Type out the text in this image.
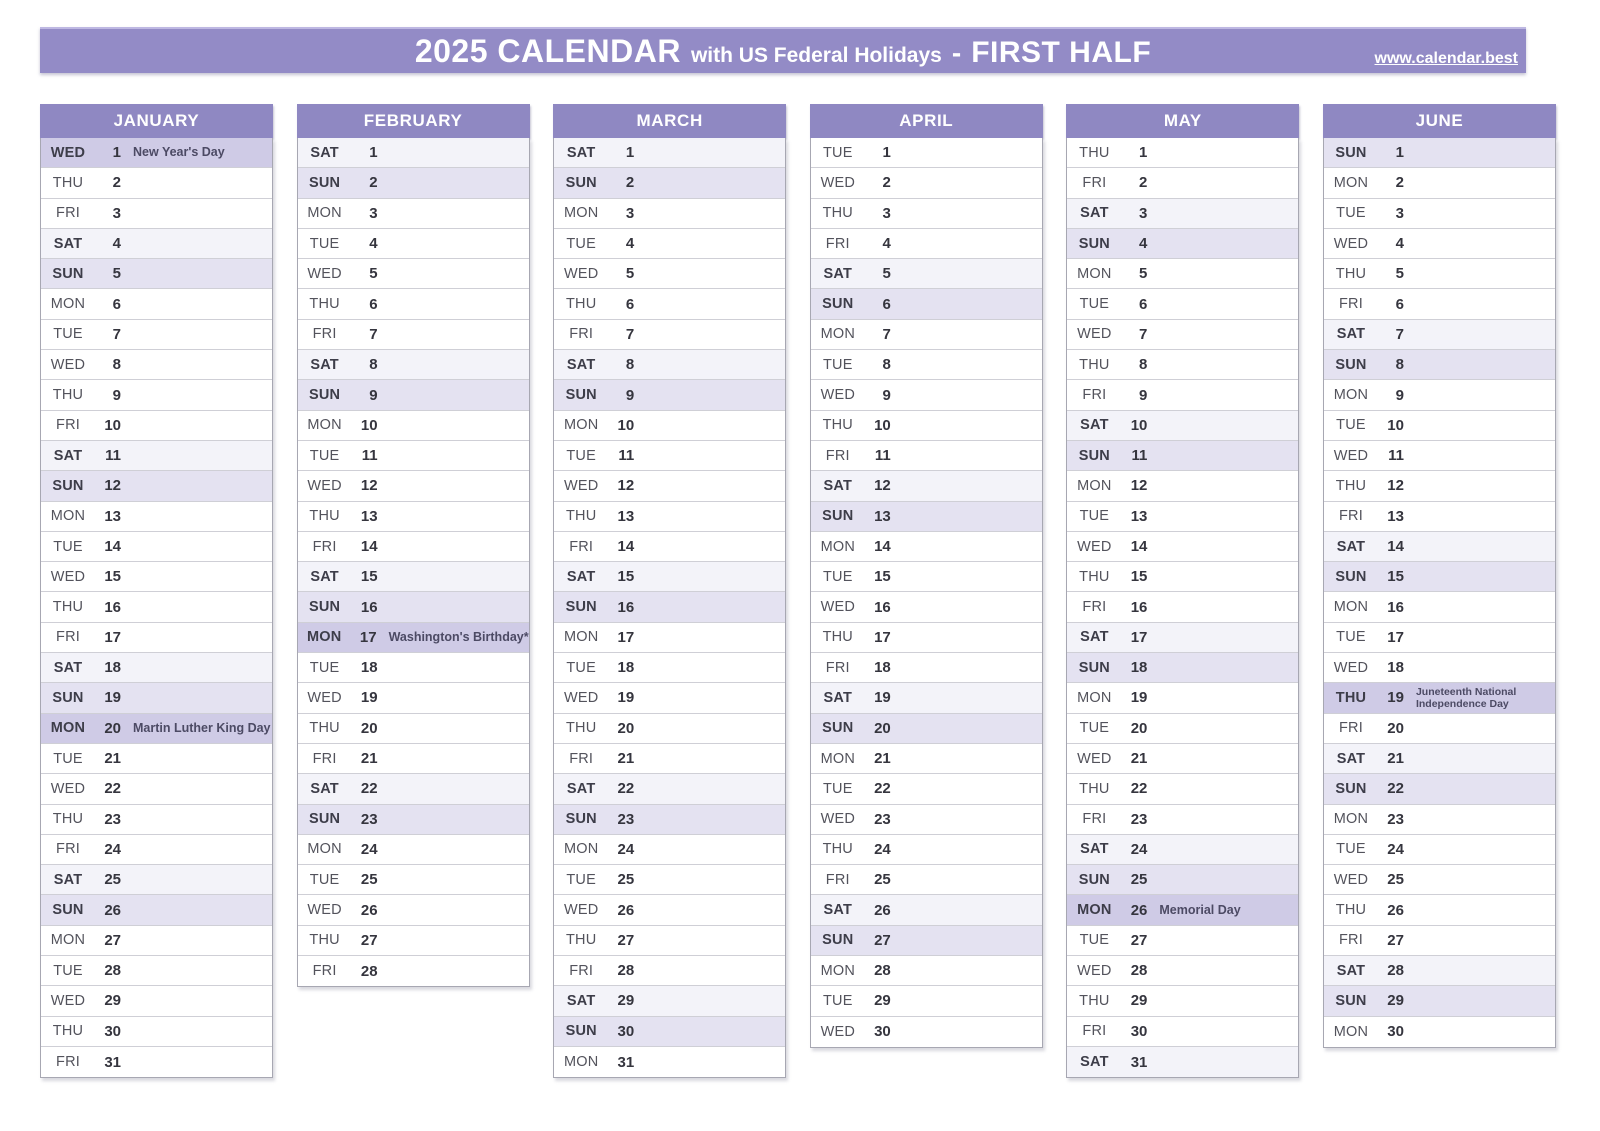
2025 CALENDAR with US Federal Holidays - FIRST HALF	www.calendar.best
JANUARY
WED	1 New Year's Day
THU	2
FRI	3
SAT	4
SUN	5
MON	6
TUE	7
WED	8
THU	9
FRI	10
SAT	11
SUN	12
MON	13
TUE	14
WED	15
THU	16
FRI	17
SAT	18
SUN	19
MON	20 Martin Luther King Day
TUE	21
WED	22
THU	23
FRI	24
SAT	25
SUN	26
MON	27
TUE	28
WED	29
THU	30
FRI	31
FEBRUARY
SAT	1
SUN	2
MON	3
TUE	4
WED	5
THU	6
FRI	7
SAT	8
SUN	9
MON	10
TUE	11
WED	12
THU	13
FRI	14
SAT	15
SUN	16
MON	17 Washington's Birthday*
TUE	18
WED	19
THU	20
FRI	21
SAT	22
SUN	23
MON	24
TUE	25
WED	26
THU	27
FRI	28
MARCH
SAT	1
SUN	2
MON	3
TUE	4
WED	5
THU	6
FRI	7
SAT	8
SUN	9
MON	10
TUE	11
WED	12
THU	13
FRI	14
SAT	15
SUN	16
MON	17
TUE	18
WED	19
THU	20
FRI	21
SAT	22
SUN	23
MON	24
TUE	25
WED	26
THU	27
FRI	28
SAT	29
SUN	30
MON	31
APRIL
TUE	1
WED	2
THU	3
FRI	4
SAT	5
SUN	6
MON	7
TUE	8
WED	9
THU	10
FRI	11
SAT	12
SUN	13
MON	14
TUE	15
WED	16
THU	17
FRI	18
SAT	19
SUN	20
MON	21
TUE	22
WED	23
THU	24
FRI	25
SAT	26
SUN	27
MON	28
TUE	29
WED	30
MAY
THU	1
FRI	2
SAT	3
SUN	4
MON	5
TUE	6
WED	7
THU	8
FRI	9
SAT	10
SUN	11
MON	12
TUE	13
WED	14
THU	15
FRI	16
SAT	17
SUN	18
MON	19
TUE	20
WED	21
THU	22
FRI	23
SAT	24
SUN	25
MON	26 Memorial Day
TUE	27
WED	28
THU	29
FRI	30
SAT	31
JUNE
SUN	1
MON	2
TUE	3
WED	4
THU	5
FRI	6
SAT	7
SUN	8
MON	9
TUE	10
WED	11
THU	12
FRI	13
SAT	14
SUN	15
MON	16
TUE	17
WED	18
THU	19 Juneteenth National Independence Day
FRI	20
SAT	21
SUN	22
MON	23
TUE	24
WED	25
THU	26
FRI	27
SAT	28
SUN	29
MON	30
